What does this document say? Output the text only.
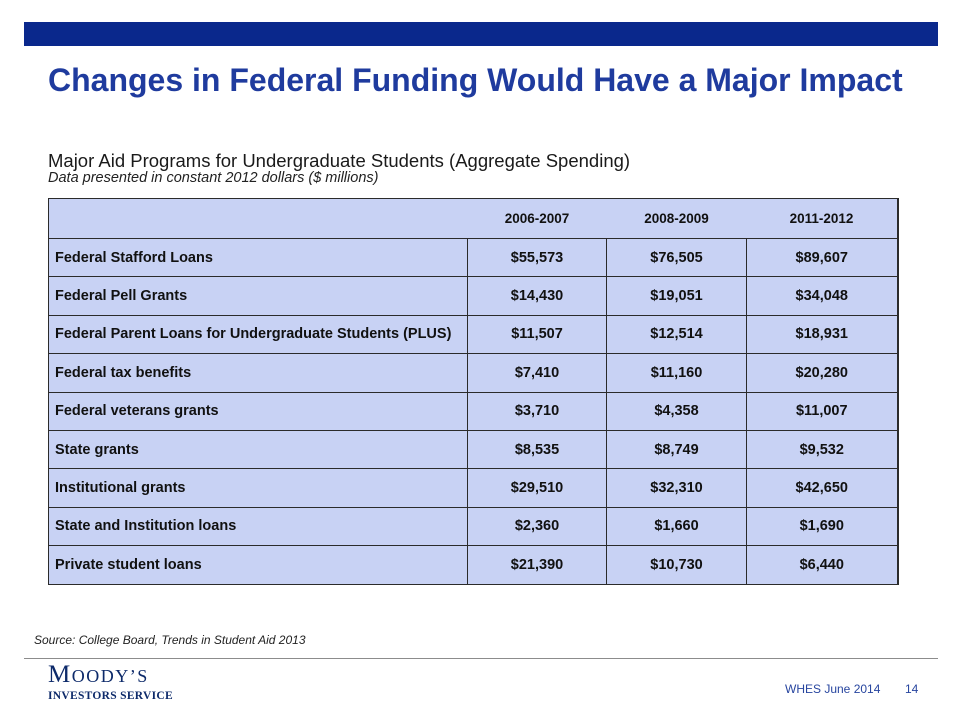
Changes in Federal Funding Would Have a Major Impact
Major Aid Programs for Undergraduate Students (Aggregate Spending)
Data presented in constant 2012 dollars ($ millions)
	2006-2007	2008-2009	2011-2012
Federal Stafford Loans	$55,573	$76,505	$89,607
Federal Pell Grants	$14,430	$19,051	$34,048
Federal Parent Loans for Undergraduate Students (PLUS)	$11,507	$12,514	$18,931
Federal tax benefits	$7,410	$11,160	$20,280
Federal veterans grants	$3,710	$4,358	$11,007
State grants	$8,535	$8,749	$9,532
Institutional grants	$29,510	$32,310	$42,650
State and Institution loans	$2,360	$1,660	$1,690
Private student loans	$21,390	$10,730	$6,440
Source: College Board, Trends in Student Aid 2013
MOODY’S
INVESTORS SERVICE	WHES June 2014 14
